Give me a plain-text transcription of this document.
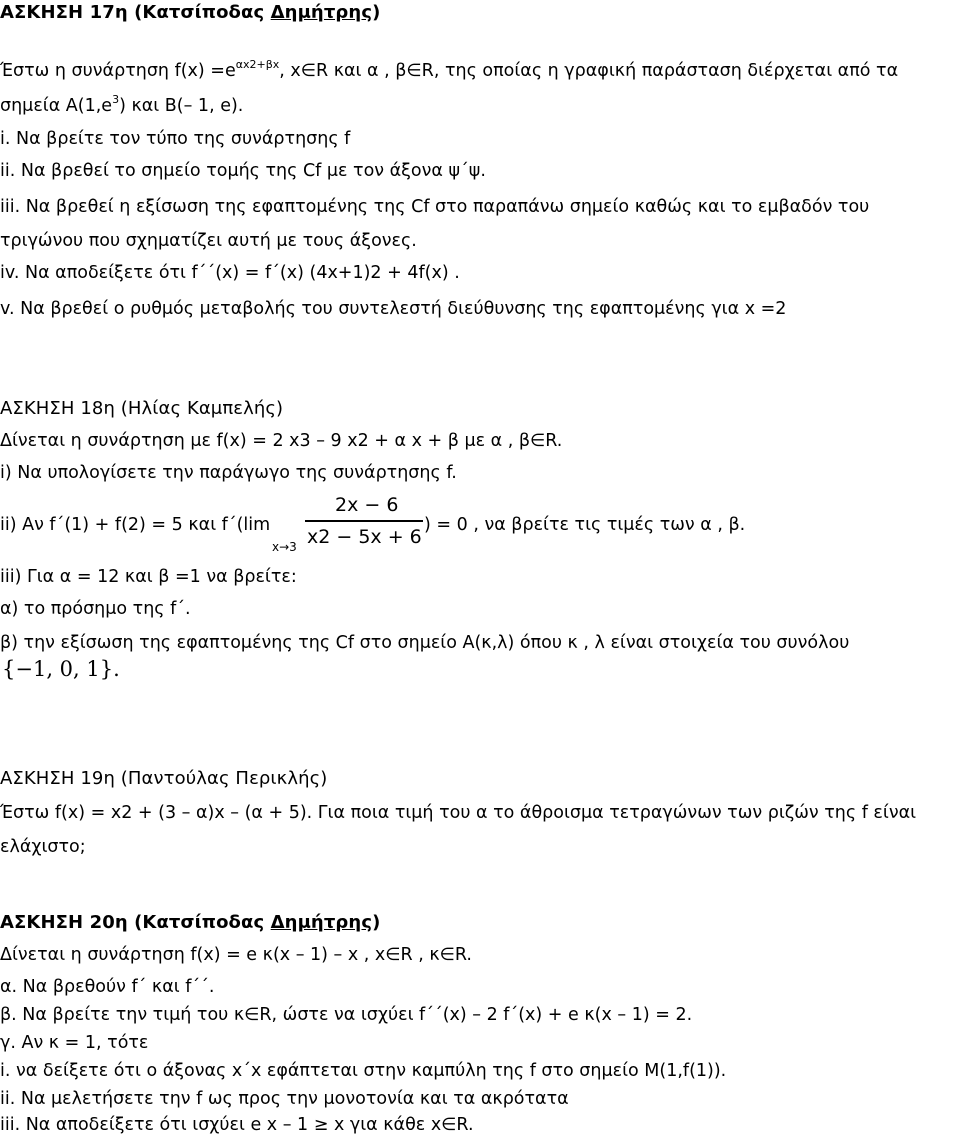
ΑΣΚΗΣΗ 17η (Κατσίποδας Δημήτρης)
Έστω η συνάρτηση $f(x) =e^{\alpha x2+\beta x}$, x∈R και α , β∈R, της οποίας η γραφική παράσταση διέρχεται από τα
σημεία $A(1,e^3)$ και Β(– 1, e).
i. Να βρείτε τον τύπο της συνάρτησης f
ii. Να βρεθεί το σημείο τομής της Cf με τον άξονα ψ΄ψ.
iii. Να βρεθεί η εξίσωση της εφαπτομένης της Cf στο παραπάνω σημείο καθώς και το εμβαδόν του
τριγώνου που σχηματίζει αυτή με τους άξονες.
iv. Να αποδείξετε ότι f΄΄(x) = f΄(x) (4x+1)2 + 4f(x) .
v. Να βρεθεί ο ρυθμός μεταβολής του συντελεστή διεύθυνσης της εφαπτομένης για x =2
ΑΣΚΗΣΗ 18η (Ηλίας Καμπελής)
Δίνεται η συνάρτηση με f(x) = 2 x3 – 9 x2 + α x + β με α , β∈R.
i) Να υπολογίσετε την παράγωγο της συνάρτησης f.
ii) Αν f΄(1) + f(2) = 5 και f΄(lim
x→3
2x − 6
x2 − 5x + 6
) = 0 , να βρείτε τις τιμές των α , β.
iii) Για α = 12 και β =1 να βρείτε:
α) το πρόσημο της f΄.
β) την εξίσωση της εφαπτομένης της Cf στο σημείο Α(κ,λ) όπου κ , λ είναι στοιχεία του συνόλου
{−1, 0, 1}.
ΑΣΚΗΣΗ 19η (Παντούλας Περικλής)
Έστω f(x) = x2 + (3 – α)x – (α + 5). Για ποια τιμή του α το άθροισμα τετραγώνων των ριζών της f είναι
ελάχιστο;
ΑΣΚΗΣΗ 20η (Κατσίποδας Δημήτρης)
Δίνεται η συνάρτηση f(x) = e κ(x – 1) – x , x∈R , κ∈R.
α. Να βρεθούν f΄ και f΄΄.
β. Να βρείτε την τιμή του κ∈R, ώστε να ισχύει f΄΄(x) – 2 f΄(x) + e κ(x – 1) = 2.
γ. Αν κ = 1, τότε
i. να δείξετε ότι ο άξονας x΄x εφάπτεται στην καμπύλη της f στο σημείο Μ(1,f(1)).
ii. Να μελετήσετε την f ως προς την μονοτονία και τα ακρότατα
iii. Να αποδείξετε ότι ισχύει e x – 1 ≥ x για κάθε x∈R.
